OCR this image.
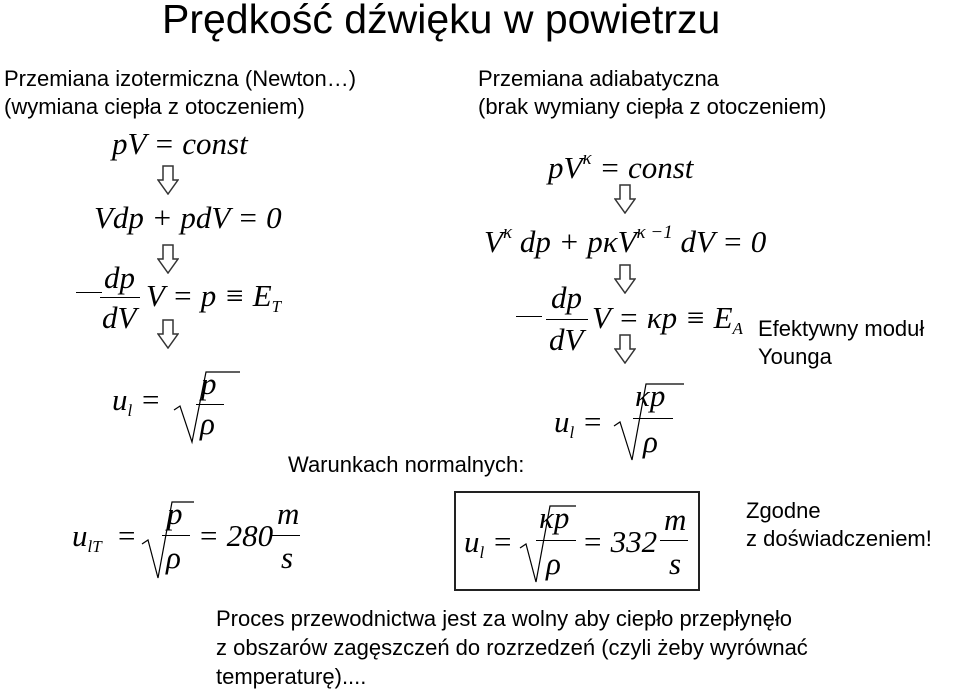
Prędkość dźwięku w powietrzu
Przemiana izotermiczna (Newton…)
(wymiana ciepła z otoczeniem)
pV = const
Vdp + pdV = 0
dp
dV
$V = p \equiv E_T$
$u_l = p$
ρ
$u_{lT}$ =
p
ρ
= 280
m
s
Przemiana adiabatyczna
(brak wymiany ciepła z otoczeniem)
$pV^\kappa$ = const
$V^\kappa$ dp + pκV$^{\kappa -1}$ dV = 0
dp
dV
$V = \kappa p \equiv E_A$ Efektywny moduł
Younga
$u_l$ =
κp
ρ
Warunkach normalnych:
$u_l$ =
κp
ρ
= 332
m
s
Zgodne
z doświadczeniem!
Proces przewodnictwa jest za wolny aby ciepło przepłynęło
z obszarów zagęszczeń do rozrzedzeń (czyli żeby wyrównać
temperaturę)....
